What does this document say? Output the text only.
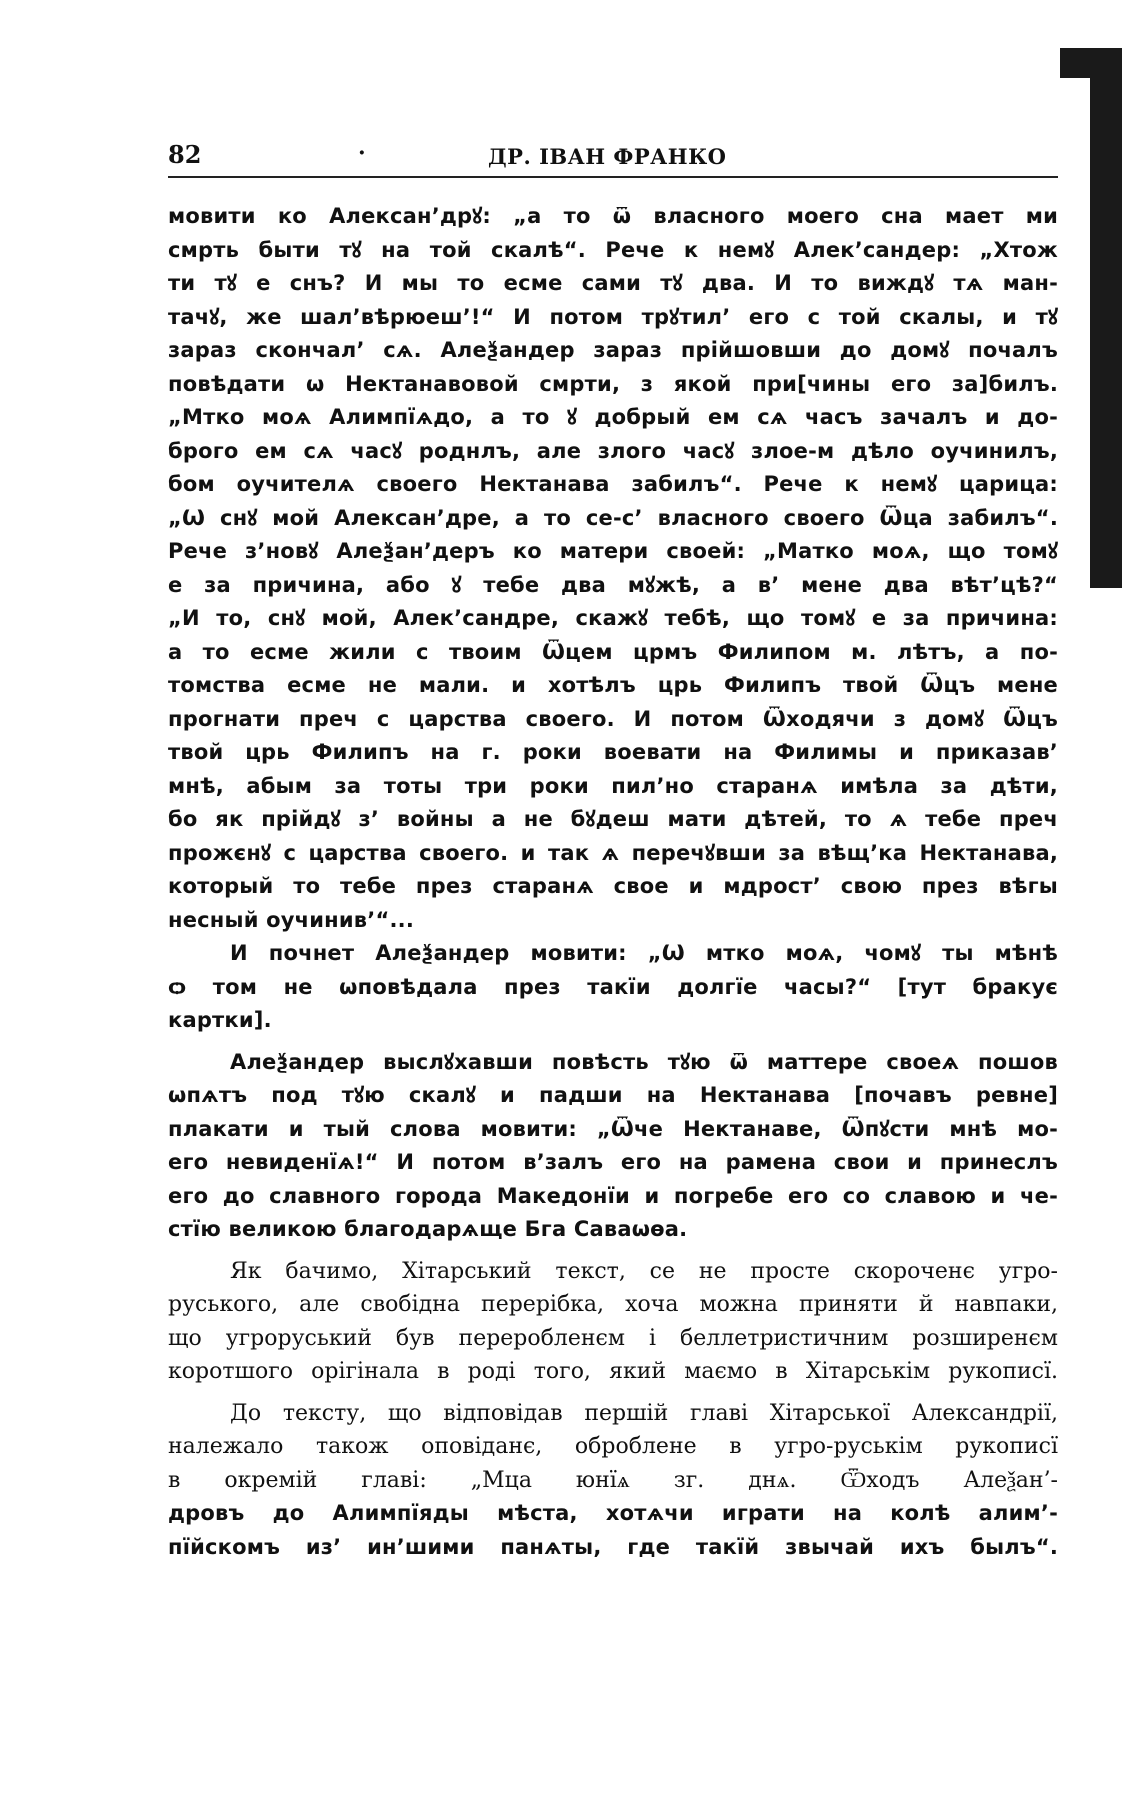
82	·	ДР. ІВАН ФРАНКО

мовити ко Алексан’дрꙋ: „а то ѿ власного моего сна мает ми

смрть быти тꙋ на той скалѣ“. Рече к немꙋ Алек’сандер: „Хтож

ти тꙋ е снъ? И мы то есме сами тꙋ два. И то виждꙋ тѧ ман-

тачꙋ, же шал’вѣрюеш’!“ И потом трꙋтил’ его с той скалы, и тꙋ

зараз скончал’ сѧ. Алеѯандер зараз прійшовши до домꙋ почалъ

повѣдати ѡ Нектанавовой смрти, з якой при[чины его за]билъ.

„Мтко моѧ Алимпїѧдо, а то ꙋ добрый ем сѧ часъ зачалъ и до-

брого ем сѧ часꙋ роднлъ, але злого часꙋ злое-м дѣло оучинилъ,

бом оучителѧ своего Нектанава забилъ“. Рече к немꙋ царица:

„Ѡ снꙋ мой Алексан’дре, а то се-с’ власного своего Ѿца забилъ“.

Рече з’новꙋ Алеѯан’деръ ко матери своей: „Матко моѧ, що томꙋ

е за причина, або ꙋ тебе два мꙋжѣ, а в’ мене два вѣт’цѣ?“

„И то, снꙋ мой, Алек’сандре, скажꙋ тебѣ, що томꙋ е за причина:

а то есме жили с твоим Ѿцем црмъ Филипом м. лѣтъ, а по-

томства есме не мали. и хотѣлъ црь Филипъ твой Ѿцъ мене

прогнати преч с царства своего. И потом Ѿходячи з домꙋ Ѿцъ

твой црь Филипъ на г. роки воевати на Филимы и приказав’

мнѣ, абым за тоты три роки пил’но старанѧ имѣла за дѣти,

бо як прійдꙋ з’ войны а не бꙋдеш мати дѣтей, то ѧ тебе преч

прожєнꙋ с царства своего. и так ѧ перечꙋвши за вѣщ’ка Нектанава,

который то тебе през старанѧ свое и мдрост’ свою през вѣгы

несный оучинив’“...

И почнет Алеѯандер мовити: „Ѡ мтко моѧ, чомꙋ ты мѣнѣ

ѻ том не ѡповѣдала през такїи долгїе часы?“ [тут бракує

картки].

Алеѯандер выслꙋхавши повѣсть тꙋю ѿ маттере своеѧ пошов

ѡпѧтъ под тꙋю скалꙋ и падши на Нектанава [почавъ ревне]

плакати и тый слова мовити: „Ѿче Нектанаве, Ѿпꙋсти мнѣ мо-

его невиденїѧ!“ И потом в’залъ его на рамена свои и принеслъ

его до славного города Македонїи и погребе его со славою и че-

стїю великою благодарѧще Бга Саваѡѳа.

Як бачимо, Хітарський текст, се не просте скороченє угро-

руського, але свобідна перерібка, хоча можна приняти й навпаки,

що угроруський був переробленєм і беллетристичним розширенєм

коротшого орігінала в роді того, який маємо в Хітарськім рукописї.

До тексту, що відповідав першій главі Хітарської Александрії,

належало також оповіданє, оброблене в угро-руськім рукописї

в окремій главі: „Мца юнїѧ зг. днѧ. Ѿходъ Алеѯан’-

дровъ до Алимпїяды мѣста, хотѧчи играти на колѣ алим’-

пїйскомъ из’ ин’шими панѧты, где такїй звычай ихъ былъ“.
